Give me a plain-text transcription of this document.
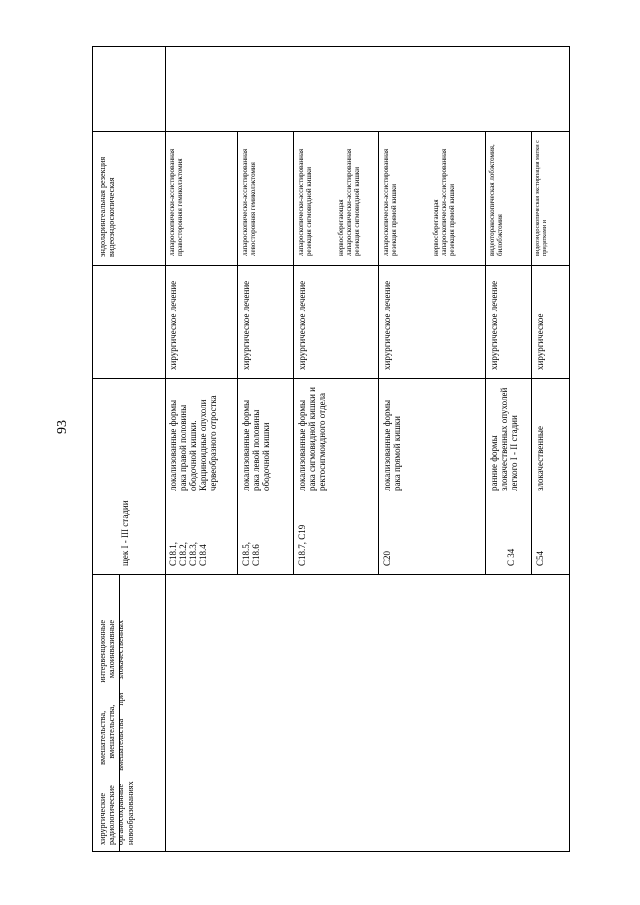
93
хирургические вмешательства, интервенционные радиологические вмешательства, малоинвазивные органосохранные вмешательства при злокачественных новообразованиях
щек I - III стадии
эндоларингеальная резекция видеоэндоскопическая
C18.1, C18.2, C18.3, C18.4
локализованные формы рака правой половины ободочной кишки. Карциноидные опухоли червеобразного отростка
хирургическое лечение
лапароскопически-ассистированная правосторонняя гемиколэктомия
C18.5, C18.6
локализованные формы рака левой половины ободочной кишки
хирургическое лечение
лапароскопически-ассистированная левосторонняя гемиколэктомия
C18.7, C19
локализованные формы рака сигмовидной кишки и ректосигмоидного отдела
хирургическое лечение
лапароскопически-ассистированная резекция сигмовидной кишки	нервосберегающая лапароскопически-ассистированная резекция сигмовидной кишки
C20
локализованные формы рака прямой кишки
хирургическое лечение
лапароскопически-ассистированная резекция прямой кишки	нервосберегающая лапароскопически-ассистированная резекция прямой кишки
C 34
ранние формы злокачественных опухолей легкого I - II стадии
хирургическое лечение
видеоторакоскопическая лобэктомия, билобэктомия
C54
злокачественные
хирургическое
видеоэндоскопическая экстирпация матки с придатками и
